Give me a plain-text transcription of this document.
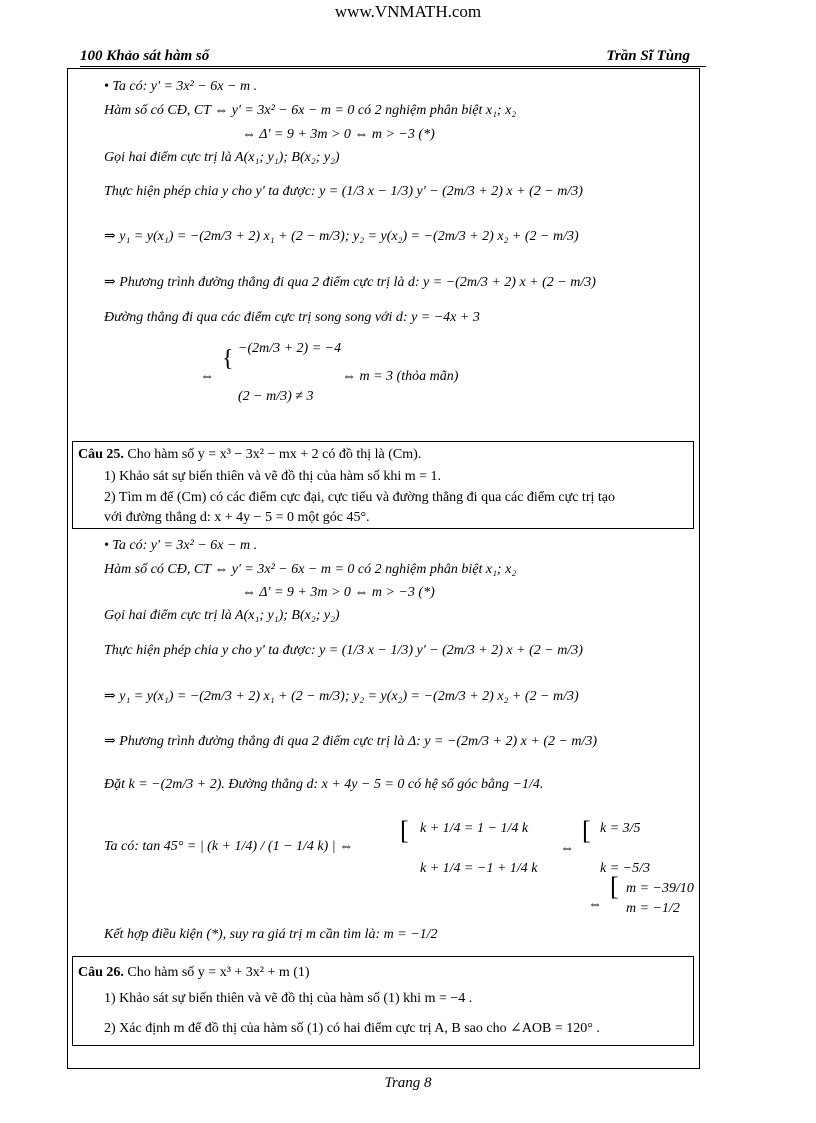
www.VNMATH.com
100 Khảo sát hàm số	Trần Sĩ Tùng
• Ta có: y' = 3x² − 6x − m .
Hàm số có CĐ, CT ⇔ y' = 3x² − 6x − m = 0 có 2 nghiệm phân biệt x₁; x₂
⇔ Δ' = 9 + 3m > 0 ⇔ m > −3 (*)
Gọi hai điểm cực trị là A(x₁; y₁); B(x₂; y₂)
Thực hiện phép chia y cho y' ta được: y = (1/3 x − 1/3) y' − (2m/3 + 2) x + (2 − m/3)
⇒ y₁ = y(x₁) = −(2m/3 + 2) x₁ + (2 − m/3); y₂ = y(x₂) = −(2m/3 + 2) x₂ + (2 − m/3)
⇒ Phương trình đường thẳng đi qua 2 điểm cực trị là d: y = −(2m/3 + 2) x + (2 − m/3)
Đường thẳng đi qua các điểm cực trị song song với d: y = −4x + 3
⇔
{ −(2m/3 + 2) = −4
(2 − m/3) ≠ 3
⇔ m = 3 (thỏa mãn)
Câu 25. Cho hàm số y = x³ − 3x² − mx + 2 có đồ thị là (Cm).
1) Khảo sát sự biến thiên và vẽ đồ thị của hàm số khi m = 1.
2) Tìm m để (Cm) có các điểm cực đại, cực tiểu và đường thẳng đi qua các điểm cực trị tạo
với đường thẳng d: x + 4y − 5 = 0 một góc 45°.
• Ta có: y' = 3x² − 6x − m .
Hàm số có CĐ, CT ⇔ y' = 3x² − 6x − m = 0 có 2 nghiệm phân biệt x₁; x₂
⇔ Δ' = 9 + 3m > 0 ⇔ m > −3 (*)
Gọi hai điểm cực trị là A(x₁; y₁); B(x₂; y₂)
Thực hiện phép chia y cho y' ta được: y = (1/3 x − 1/3) y' − (2m/3 + 2) x + (2 − m/3)
⇒ y₁ = y(x₁) = −(2m/3 + 2) x₁ + (2 − m/3); y₂ = y(x₂) = −(2m/3 + 2) x₂ + (2 − m/3)
⇒ Phương trình đường thẳng đi qua 2 điểm cực trị là Δ: y = −(2m/3 + 2) x + (2 − m/3)
Đặt k = −(2m/3 + 2). Đường thẳng d: x + 4y − 5 = 0 có hệ số góc bằng −1/4.
Ta có: tan 45° = | (k + 1/4) / (1 − 1/4 k) | ⇔
[ k + 1/4 = 1 − 1/4 k
k + 1/4 = −1 + 1/4 k
⇔
[ k = 3/5
k = −5/3
⇔
[ m = −39/10
m = −1/2
Kết hợp điều kiện (*), suy ra giá trị m cần tìm là: m = −1/2
Câu 26. Cho hàm số y = x³ + 3x² + m (1)
1) Khảo sát sự biến thiên và vẽ đồ thị của hàm số (1) khi m = −4 .
2) Xác định m để đồ thị của hàm số (1) có hai điểm cực trị A, B sao cho ∠AOB = 120° .
Trang 8
